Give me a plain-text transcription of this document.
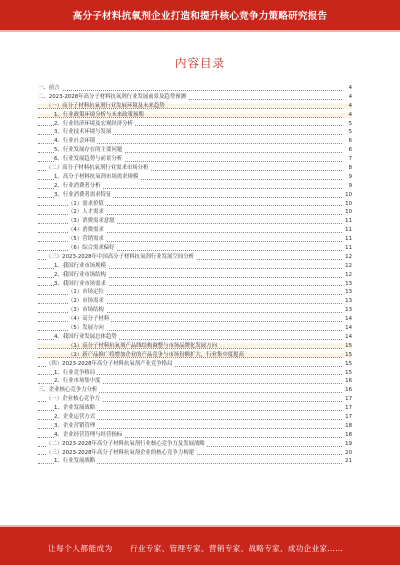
高分子材料抗氧剂企业打造和提升核心竞争力策略研究报告
内容目录
一、前言	4
二、2023-2028年高分子材料抗氧剂行业发展前景及趋势预测	4
（一）高分子材料抗氧剂行业发展环境及未来趋势	4
1、行业政策环境分析与未来政策预期	4
2、行业经济环境及宏观经济分析	5
3、行业技术环境与发展	5
4、行业社会环境	6
5、行业发展存在的主要问题	6
6、行业发展趋势与前景分析	7
（二）高分子材料抗氧剂行业需求市场分析	8
1、高分子材料抗氧剂市场需求规模	9
2、行业消费者分析	9
3、行业消费者需求特征	10
（1）需求价值	10
（2）人才需求	10
（3）消费需求意愿	11
（4）消费需求	11
（5）营销需求	11
（6）综合需求偏好	11
（三）2023-2028年中国高分子材料抗氧剂行业发展空间分析	12
1、我国行业市场规模	12
2、我国行业市场结构	12
3、我国行业市场需求	13
（1）市场定位	13
（2）市场需求	13
（3）市场结构	13
（4）高分子材料	14
（5）发展方向	14
4、我国行业发展总体趋势	14
（1）高分子材料抗氧剂产品线结构调整与市场品牌化发展方向	15
（2）新产品推广将增加企业的产品竞争与市场份额扩大，行业集中度提高	15
（四）2023-2028年高分子材料抗氧剂产业竞争格局	15
1、行业竞争格局	15
2、行业市场集中度	16
三、企业核心竞争力分析	16
（一）企业核心竞争力	17
1、企业发展战略	17
2、企业运营方式	17
3、企业营销管理	18
4、企业经营管理与经营指标	18
（二）2023-2028年高分子材料抗氧剂行业核心竞争力及发展战略	19
（三）2023-2028年高分子材料抗氧剂企业的核心竞争力构建	20
1、行业发展战略	21
让每个人都能成为 行业专家、管理专家、营销专家、战略专家、成功企业家……
